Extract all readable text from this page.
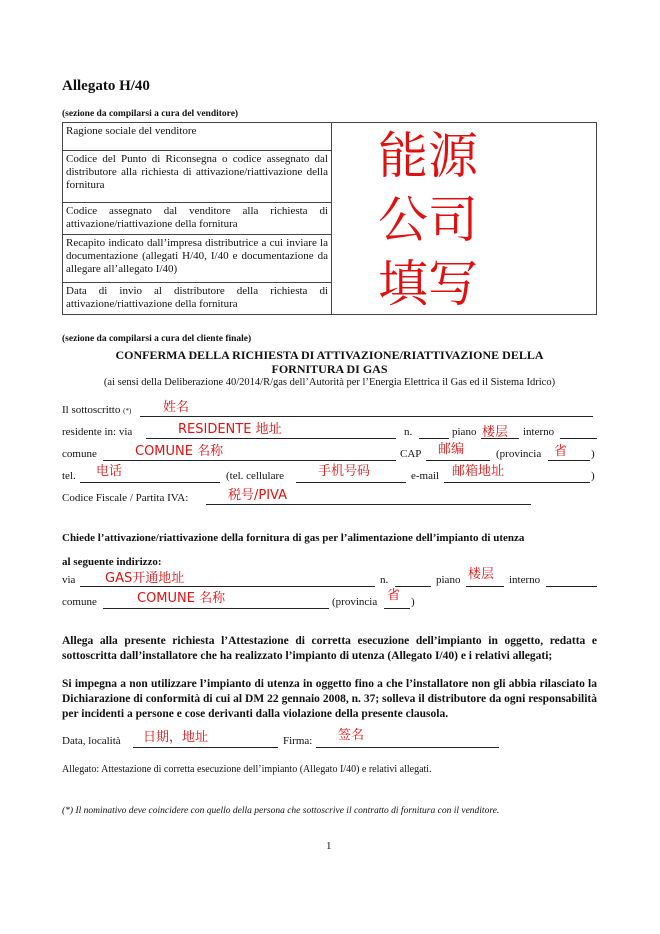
Allegato H/40
(sezione da compilarsi a cura del venditore)
Ragione sociale del venditore	
Codice del Punto di Riconsegna o codice assegnato dal distributore alla richiesta di attivazione/riattivazione della fornitura
Codice assegnato dal venditore alla richiesta di attivazione/riattivazione della fornitura
Recapito indicato dall’impresa distributrice a cui inviare la documentazione (allegati H/40, I/40 e documentazione da allegare all’allegato I/40)
Data di invio al distributore della richiesta di attivazione/riattivazione della fornitura
能源
公司
填写
(sezione da compilarsi a cura del cliente finale)
CONFERMA DELLA RICHIESTA DI ATTIVAZIONE/RIATTIVAZIONE DELLA
FORNITURA DI GAS
(ai sensi della Deliberazione 40/2014/R/gas dell’Autorità per l’Energia Elettrica il Gas ed il Sistema Idrico)
Il sottoscritto (*) 姓名
residente in: via	RESIDENTE 地址	n.	piano 楼层 interno
comune	COMUNE 名称	CAP 邮编	(provincia 省 )
tel. 电话	(tel. cellulare	手机号码	e-mail 邮箱地址	)
Codice Fiscale / Partita IVA:	税号/PIVA
Chiede l’attivazione/riattivazione della fornitura di gas per l’alimentazione dell’impianto di utenza
al seguente indirizzo:
via GAS开通地址	n.	piano 楼层 interno
comune	COMUNE 名称	(provincia 省 )
Allega alla presente richiesta l’Attestazione di corretta esecuzione dell’impianto in oggetto, redatta e sottoscritta dall’installatore che ha realizzato l’impianto di utenza (Allegato I/40) e i relativi allegati;
Si impegna a non utilizzare l’impianto di utenza in oggetto fino a che l’installatore non gli abbia rilasciato la Dichiarazione di conformità di cui al DM 22 gennaio 2008, n. 37; solleva il distributore da ogni responsabilità per incidenti a persone e cose derivanti dalla violazione della presente clausola.
Data, località 日期，地址	Firma: 签名
Allegato: Attestazione di corretta esecuzione dell’impianto (Allegato I/40) e relativi allegati.
(*) Il nominativo deve coincidere con quello della persona che sottoscrive il contratto di fornitura con il venditore.
1
